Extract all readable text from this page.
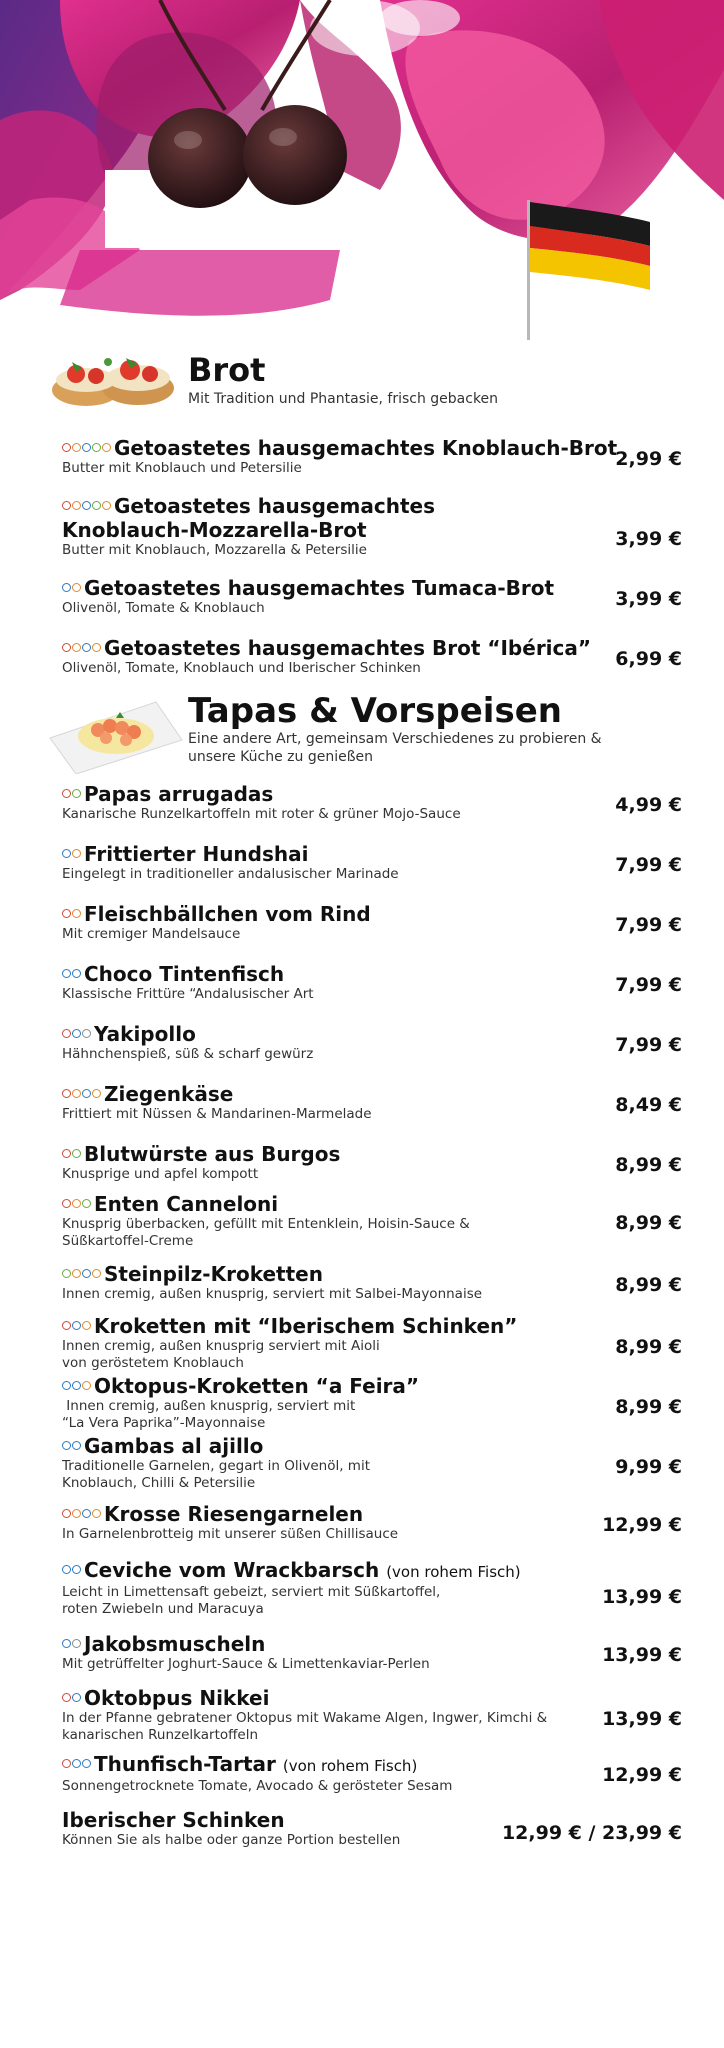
Brot
Mit Tradition und Phantasie, frisch gebacken
Getoastetes hausgemachtes Knoblauch-Brot
Butter mit Knoblauch und Petersilie	2,99 €
Getoastetes hausgemachtes
Knoblauch-Mozzarella-Brot
Butter mit Knoblauch, Mozzarella & Petersilie	3,99 €
Getoastetes hausgemachtes Tumaca-Brot
Olivenöl, Tomate & Knoblauch	3,99 €
Getoastetes hausgemachtes Brot “Ibérica”
Olivenöl, Tomate, Knoblauch und Iberischer Schinken	6,99 €
Tapas & Vorspeisen
Eine andere Art, gemeinsam Verschiedenes zu probieren &
unsere Küche zu genießen
Papas arrugadas
Kanarische Runzelkartoffeln mit roter & grüner Mojo-Sauce	4,99 €
Frittierter Hundshai
Eingelegt in traditioneller andalusischer Marinade	7,99 €
Fleischbällchen vom Rind
Mit cremiger Mandelsauce	7,99 €
Choco Tintenfisch
Klassische Frittüre “Andalusischer Art	7,99 €
Yakipollo
Hähnchenspieß, süß & scharf gewürz	7,99 €
Ziegenkäse
Frittiert mit Nüssen & Mandarinen-Marmelade	8,49 €
Blutwürste aus Burgos
Knusprige und apfel kompott	8,99 €
Enten Canneloni
Knusprig überbacken, gefüllt mit Entenklein, Hoisin-Sauce &
Süßkartoffel-Creme
8,99 €
Steinpilz-Kroketten
Innen cremig, außen knusprig, serviert mit Salbei-Mayonnaise	8,99 €
Kroketten mit “Iberischem Schinken”
Innen cremig, außen knusprig serviert mit Aioli
von geröstetem Knoblauch
8,99 €
Oktopus-Kroketten “a Feira”
Innen cremig, außen knusprig, serviert mit
“La Vera Paprika”-Mayonnaise
8,99 €
Gambas al ajillo
Traditionelle Garnelen, gegart in Olivenöl, mit
Knoblauch, Chilli & Petersilie
9,99 €
Krosse Riesengarnelen
In Garnelenbrotteig mit unserer süßen Chillisauce	12,99 €
Ceviche vom Wrackbarsch (von rohem Fisch)
Leicht in Limettensaft gebeizt, serviert mit Süßkartoffel,
roten Zwiebeln und Maracuya
13,99 €
Jakobsmuscheln
Mit getrüffelter Joghurt-Sauce & Limettenkaviar-Perlen	13,99 €
Oktobpus Nikkei
In der Pfanne gebratener Oktopus mit Wakame Algen, Ingwer, Kimchi &
kanarischen Runzelkartoffeln
13,99 €
Thunfisch-Tartar (von rohem Fisch)
Sonnengetrocknete Tomate, Avocado & gerösteter Sesam	12,99 €
Iberischer Schinken
Können Sie als halbe oder ganze Portion bestellen	12,99 € / 23,99 €
